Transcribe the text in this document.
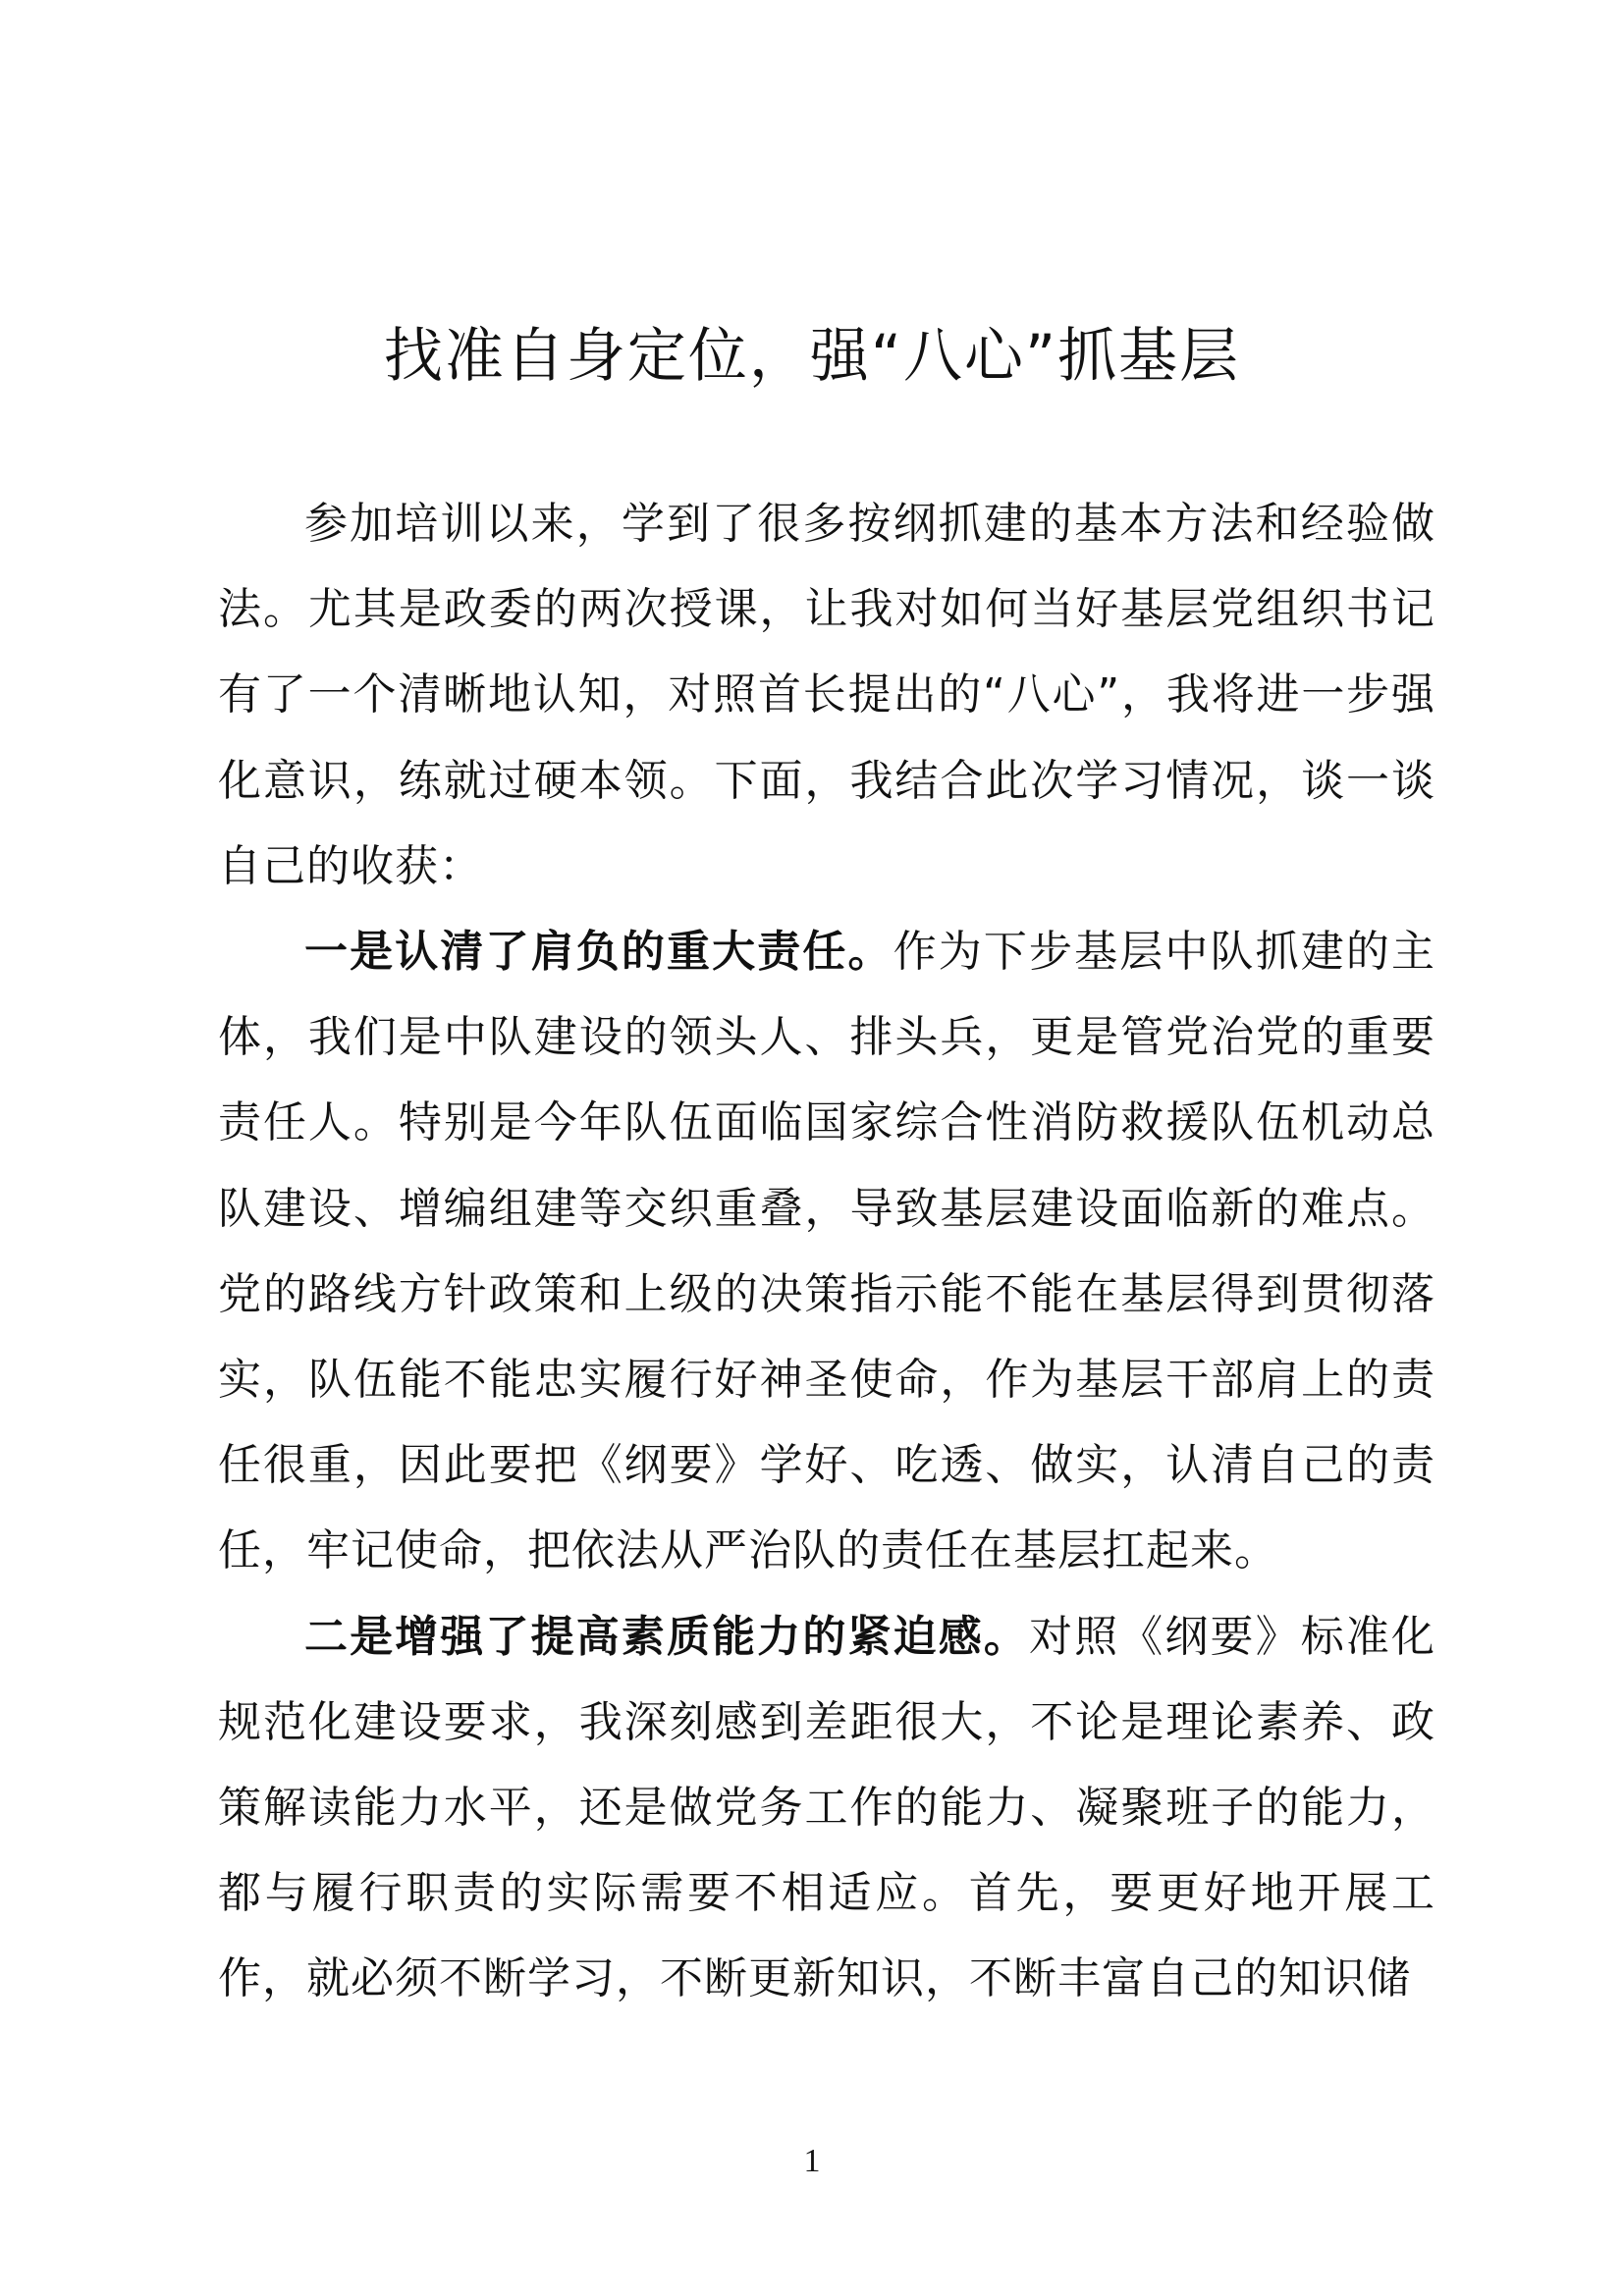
找准自身定位，强“八心”抓基层

参加培训以来，学到了很多按纲抓建的基本方法和经验做法。尤其是政委的两次授课，让我对如何当好基层党组织书记有了一个清晰地认知，对照首长提出的“八心”，我将进一步强化意识，练就过硬本领。下面，我结合此次学习情况，谈一谈自己的收获：

一是认清了肩负的重大责任。作为下步基层中队抓建的主体，我们是中队建设的领头人、排头兵，更是管党治党的重要责任人。特别是今年队伍面临国家综合性消防救援队伍机动总队建设、增编组建等交织重叠，导致基层建设面临新的难点。党的路线方针政策和上级的决策指示能不能在基层得到贯彻落实，队伍能不能忠实履行好神圣使命，作为基层干部肩上的责任很重，因此要把《纲要》学好、吃透、做实，认清自己的责任，牢记使命，把依法从严治队的责任在基层扛起来。

二是增强了提高素质能力的紧迫感。对照《纲要》标准化规范化建设要求，我深刻感到差距很大，不论是理论素养、政策解读能力水平，还是做党务工作的能力、凝聚班子的能力，都与履行职责的实际需要不相适应。首先，要更好地开展工作，就必须不断学习，不断更新知识，不断丰富自己的知识储

1
